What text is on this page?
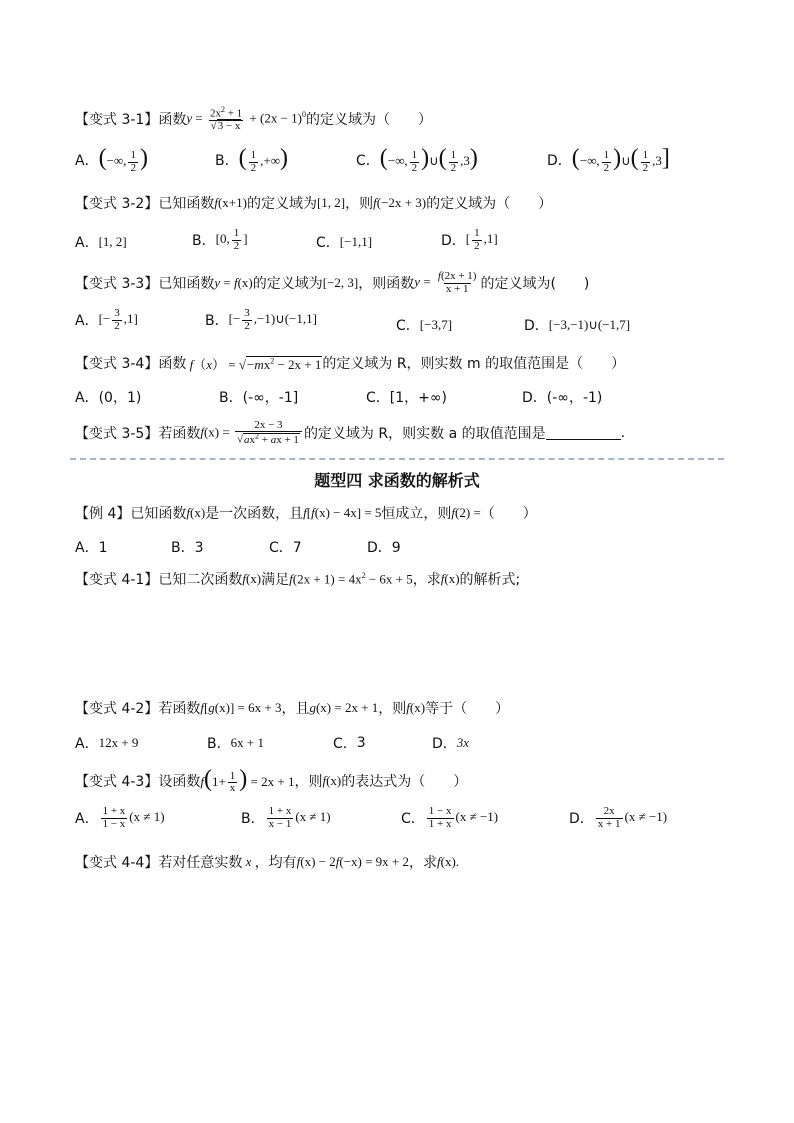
【变式 3-1】 函数 $y = \frac{2x^2 + 1}{√3 - x} + (2x - 1)^0$ 的定义域为（　　）
A． (−∞, $\frac{1}{2}$ )	B． ( $\frac{1}{2}$ ,+∞)	C． (−∞, $\frac{1}{2}$ )∪( $\frac{1}{2} ,3$)	D． (−∞, $\frac{1}{2}$ )∪( $\frac{1}{2} ,3$]
【变式 3-2】 已知函数 f(x+1) 的定义域为 [1, 2] ，则 f(−2x + 3) 的定义域为（　　）
A． [1, 2]	B． [0, $\frac{1}{2}$ ]	C． [−1,1]	D． [ $\frac{1}{2} ,1$]
【变式 3-3】 已知函数 y = f(x) 的定义域为 [−2, 3] ，则函数 $y = \frac{f(2x + 1)}{x + 1}$ 的定义域为(　　)
A． [− $\frac{3}{2} ,1$]	B． [− $\frac{3}{2}$ ,−1)∪(−1,1]	C． [−3,7]	D． [−3,−1)∪(−1,7]
【变式 3-4】 函数 $f(x) = √-mx^2 - 2x + 1$ 的定义域为 R，则实数 m 的取值范围是（　　）
A．(0，1)	B．(-∞，-1]	C．[1，+∞)	D．(-∞，-1)
【变式 3-5】 若函数 $f(x) = \frac{2x - 3}{√ax^2 + ax + 1}$ 的定义域为 R，则实数 a 的取值范围是	.
题型四 求函数的解析式
【例 4】 已知函数 f(x) 是一次函数，且 f[f(x) − 4x] = 5 恒成立，则 f(2) = （　　）
A．1	B．3	C．7	D．9
【变式 4-1】 已知二次函数 f(x) 满足 $f(2x + 1) = 4x^2 - 6x + 5$ ，求 f(x) 的解析式;
【变式 4-2】 若函数 f[g(x)] = 6x + 3 ，且 g(x) = 2x + 1 ，则 f(x) 等于（　　）
A． 12x + 9	B． 6x + 1	C． 3	D． 3x
【变式 4-3】 设函数 $f(1+ \frac{1}{x}$ ) = 2x + 1 ，则 f(x) 的表达式为（　　）
A． $\frac{1 + x}{1 - x} (x \ne 1)$	B． $\frac{1 + x}{x - 1} (x \ne 1)$	C． $\frac{1 - x}{1 + x} (x \ne -1)$	D． $\frac{2x}{x + 1} (x \ne -1)$
【变式 4-4】 若对任意实数 x ，均有 f(x) − 2f(−x) = 9x + 2 ，求 f(x).
